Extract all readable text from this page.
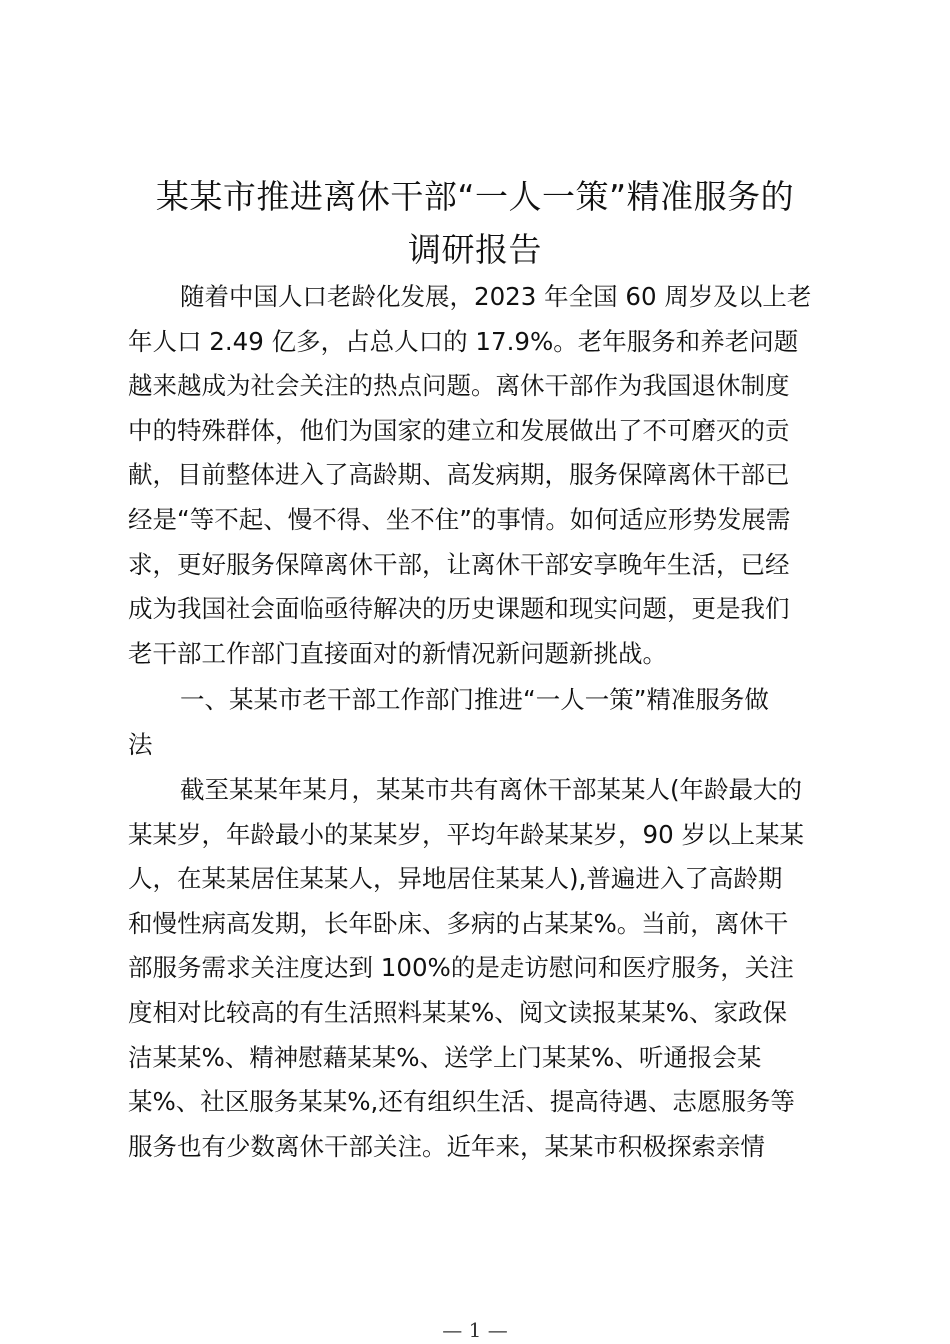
某某市推进离休干部“一人一策”精准服务的
调研报告
随着中国人口老龄化发展，2023 年全国 60 周岁及以上老
年人口 2.49 亿多，占总人口的 17.9%。老年服务和养老问题
越来越成为社会关注的热点问题。离休干部作为我国退休制度
中的特殊群体，他们为国家的建立和发展做出了不可磨灭的贡
献，目前整体进入了高龄期、高发病期，服务保障离休干部已
经是“等不起、慢不得、坐不住”的事情。如何适应形势发展需
求，更好服务保障离休干部，让离休干部安享晚年生活，已经
成为我国社会面临亟待解决的历史课题和现实问题，更是我们
老干部工作部门直接面对的新情况新问题新挑战。
一、某某市老干部工作部门推进“一人一策”精准服务做
法
截至某某年某月，某某市共有离休干部某某人(年龄最大的
某某岁，年龄最小的某某岁，平均年龄某某岁，90 岁以上某某
人，在某某居住某某人，异地居住某某人),普遍进入了高龄期
和慢性病高发期，长年卧床、多病的占某某%。当前，离休干
部服务需求关注度达到 100%的是走访慰问和医疗服务，关注
度相对比较高的有生活照料某某%、阅文读报某某%、家政保
洁某某%、精神慰藉某某%、送学上门某某%、听通报会某
某%、社区服务某某%,还有组织生活、提高待遇、志愿服务等
服务也有少数离休干部关注。近年来，某某市积极探索亲情
— 1 —
